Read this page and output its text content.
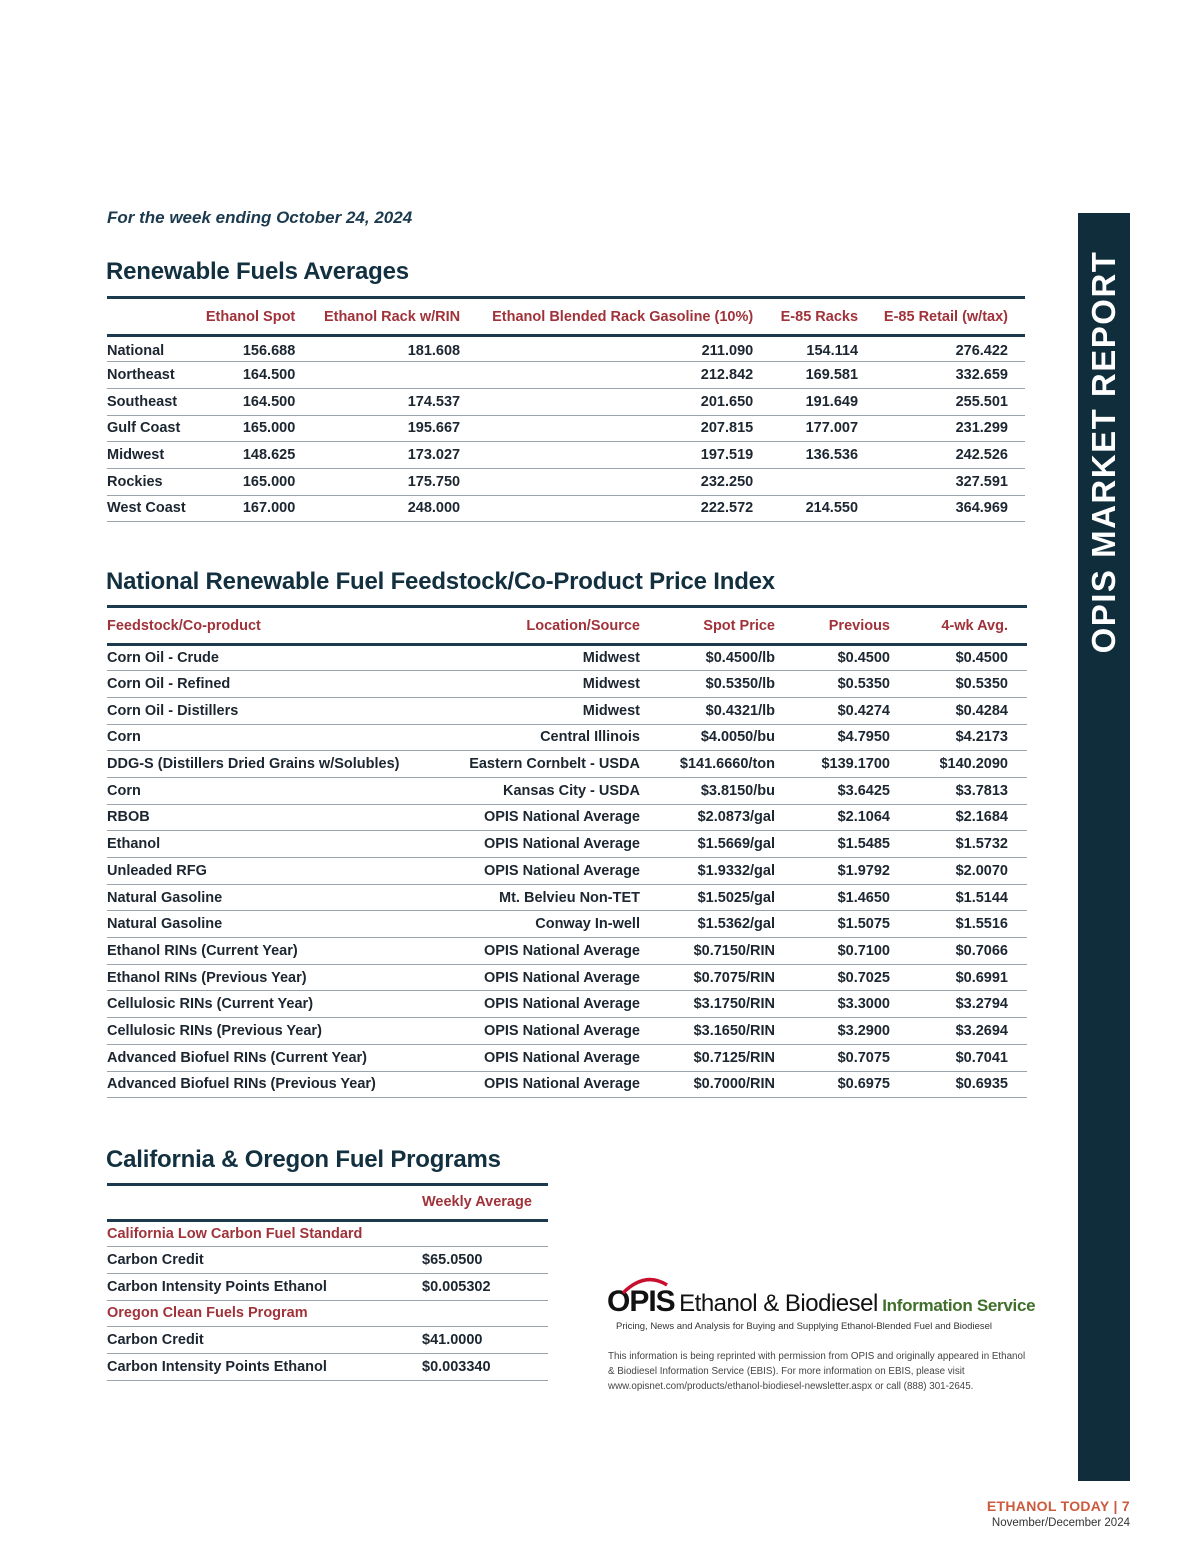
For the week ending October 24, 2024
Renewable Fuels Averages
	Ethanol Spot	Ethanol Rack w/RIN	Ethanol Blended Rack Gasoline (10%)	E-85 Racks	E-85 Retail (w/tax)
National	156.688	181.608	211.090	154.114	276.422
Northeast	164.500		212.842	169.581	332.659
Southeast	164.500	174.537	201.650	191.649	255.501
Gulf Coast	165.000	195.667	207.815	177.007	231.299
Midwest	148.625	173.027	197.519	136.536	242.526
Rockies	165.000	175.750	232.250		327.591
West Coast	167.000	248.000	222.572	214.550	364.969
National Renewable Fuel Feedstock/Co-Product Price Index
Feedstock/Co-product	Location/Source	Spot Price	Previous	4-wk Avg.
Corn Oil - Crude	Midwest	$0.4500/lb	$0.4500	$0.4500
Corn Oil - Refined	Midwest	$0.5350/lb	$0.5350	$0.5350
Corn Oil - Distillers	Midwest	$0.4321/lb	$0.4274	$0.4284
Corn	Central Illinois	$4.0050/bu	$4.7950	$4.2173
DDG-S (Distillers Dried Grains w/Solubles)	Eastern Cornbelt - USDA	$141.6660/ton	$139.1700	$140.2090
Corn	Kansas City - USDA	$3.8150/bu	$3.6425	$3.7813
RBOB	OPIS National Average	$2.0873/gal	$2.1064	$2.1684
Ethanol	OPIS National Average	$1.5669/gal	$1.5485	$1.5732
Unleaded RFG	OPIS National Average	$1.9332/gal	$1.9792	$2.0070
Natural Gasoline	Mt. Belvieu Non-TET	$1.5025/gal	$1.4650	$1.5144
Natural Gasoline	Conway In-well	$1.5362/gal	$1.5075	$1.5516
Ethanol RINs (Current Year)	OPIS National Average	$0.7150/RIN	$0.7100	$0.7066
Ethanol RINs (Previous Year)	OPIS National Average	$0.7075/RIN	$0.7025	$0.6991
Cellulosic RINs (Current Year)	OPIS National Average	$3.1750/RIN	$3.3000	$3.2794
Cellulosic RINs (Previous Year)	OPIS National Average	$3.1650/RIN	$3.2900	$3.2694
Advanced Biofuel RINs (Current Year)	OPIS National Average	$0.7125/RIN	$0.7075	$0.7041
Advanced Biofuel RINs (Previous Year)	OPIS National Average	$0.7000/RIN	$0.6975	$0.6935
California & Oregon Fuel Programs
	Weekly Average
California Low Carbon Fuel Standard	
Carbon Credit	$65.0500
Carbon Intensity Points Ethanol	$0.005302
Oregon Clean Fuels Program	
Carbon Credit	$41.0000
Carbon Intensity Points Ethanol	$0.003340
OPIS Ethanol & Biodiesel Information Service
Pricing, News and Analysis for Buying and Supplying Ethanol-Blended Fuel and Biodiesel
This information is being reprinted with permission from OPIS and originally appeared in Ethanol & Biodiesel Information Service (EBIS). For more information on EBIS, please visit www.opisnet.com/products/ethanol-biodiesel-newsletter.aspx or call (888) 301-2645.
OPIS MARKET REPORT
ETHANOL TODAY | 7
November/December 2024
